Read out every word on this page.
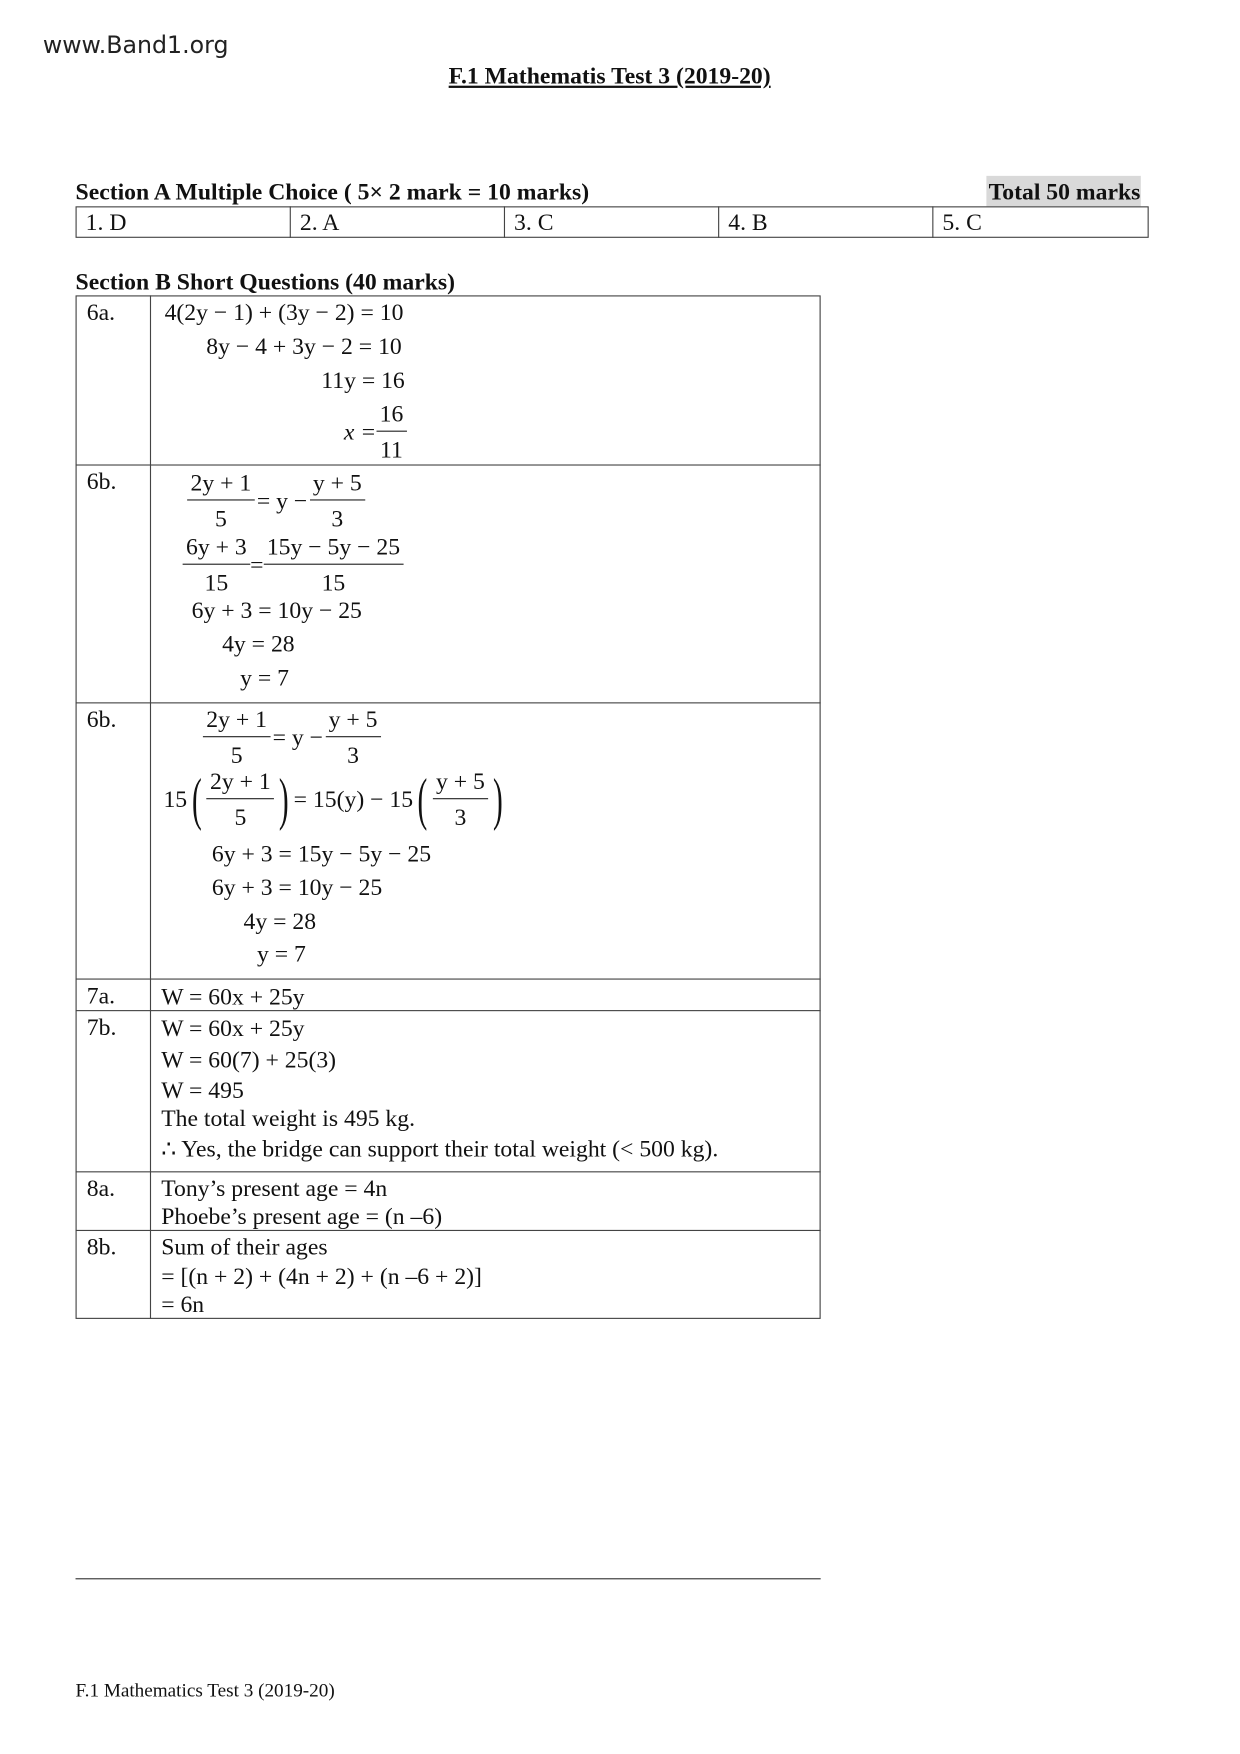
www.Band1.org
F.1 Mathematis Test 3 (2019-20)
Section A Multiple Choice ( 5× 2 mark = 10 marks)	Total 50 marks
1. D	2. A	3. C	4. B	5. C
Section B Short Questions (40 marks)
6a. 4(2y − 1) + (3y − 2) = 10
8y − 4 + 3y − 2 = 10
11y = 16
$x = \frac{16}{11}$
6b.	$\frac{2y + 1}{5} = y - \frac{y + 5}{3}$
$\frac{6y + 3}{15} = \frac{15y - 5y - 25}{15}$
6y + 3 = 10y − 25
4y = 28
y = 7
6b.	$\frac{2y + 1}{5} = y - \frac{y + 5}{3}$
15 ( $\frac{2y + 1}{5}$ ) = 15(y) − 15 ( $\frac{y + 5}{3}$ )
6y + 3 = 15y − 5y − 25
6y + 3 = 10y − 25
4y = 28
y = 7
7a. W = 60x + 25y
7b. W = 60x + 25y
W = 60(7) + 25(3)
W = 495
The total weight is 495 kg.
∴ Yes, the bridge can support their total weight (< 500 kg).
8a. Tony’s present age = 4n
Phoebe’s present age = (n –6)
8b. Sum of their ages
= [(n + 2) + (4n + 2) + (n –6 + 2)]
= 6n
F.1 Mathematics Test 3 (2019-20)
